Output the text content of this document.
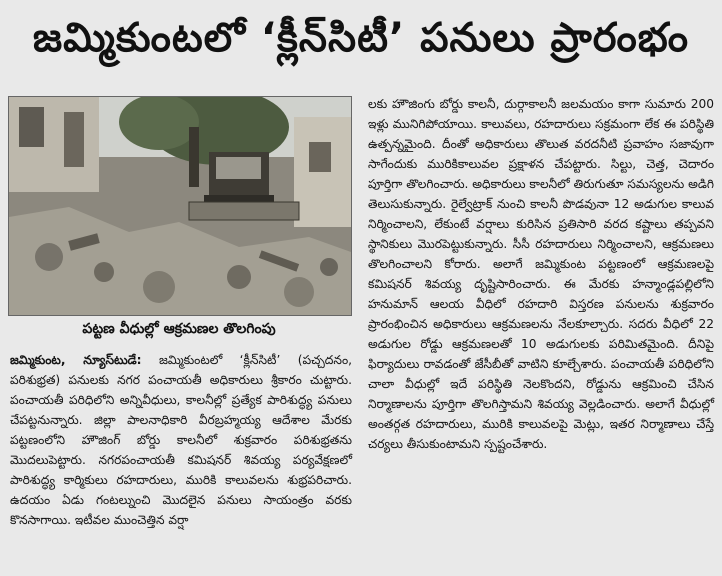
జమ్మికుంటలో ‘క్లీన్‌సిటీ’ పనులు ప్రారంభం
పట్టణ వీధుల్లో ఆక్రమణల తొలగింపు

జమ్మికుంట, న్యూస్‌టుడే: జమ్మికుంటలో ‘క్లీన్‌సిటీ’ (పచ్చదనం, పరిశుభ్రత) పనులకు నగర పంచాయతీ అధికారులు శ్రీకారం చుట్టారు. పంచాయతీ పరిధిలోని అన్నివీధులు, కాలనీల్లో ప్రత్యేక పారిశుద్ధ్య పనులు చేపట్టనున్నారు. జిల్లా పాలనాధికారి వీరబ్రహ్మయ్య ఆదేశాల మేరకు పట్టణంలోని హౌజింగ్ బోర్డు కాలనీలో శుక్రవారం పరిశుభ్రతను మొదలుపెట్టారు. నగరపంచాయతీ కమిషనర్ శివయ్య పర్యవేక్షణలో పారిశుద్ధ్య కార్మికులు రహదారులు, మురికి కాలువలను శుభ్రపరిచారు. ఉదయం ఏడు గంటల్నుంచి మొదలైన పనులు సాయంత్రం వరకు కొనసాగాయి. ఇటీవల ముంచెత్తిన వర్షా

లకు హౌజింగు బోర్డు కాలనీ, దుర్గాకాలనీ జలమయం కాగా సుమారు 200 ఇళ్లు మునిగిపోయాయి. కాలువలు, రహదారులు సక్రమంగా లేక ఈ పరిస్థితి ఉత్పన్నమైంది. దీంతో అధికారులు తొలుత వరదనీటి ప్రవాహం సజావుగా సాగేందుకు మురికికాలువల ప్రక్షాళన చేపట్టారు. సిల్టు, చెత్త, చెదారం పూర్తిగా తొలగించారు. అధికారులు కాలనీలో తిరుగుతూ సమస్యలను అడిగి తెలుసుకున్నారు. రైల్వేట్రాక్ నుంచి కాలనీ పొడవునా 12 అడుగుల కాలువ నిర్మించాలని, లేకుంటే వర్షాలు కురిసిన ప్రతిసారి వరద కష్టాలు తప్పవని స్థానికులు మొరపెట్టుకున్నారు. సీసీ రహదారులు నిర్మించాలని, ఆక్రమణలు తొలగించాలని కోరారు. అలాగే జమ్మికుంట పట్టణంలో ఆక్రమణలపై కమిషనర్ శివయ్య దృష్టిసారించారు. ఈ మేరకు హన్మాండ్లపల్లిలోని హనుమాన్ ఆలయ వీధిలో రహదారి విస్తరణ పనులను శుక్రవారం ప్రారంభించిన అధికారులు ఆక్రమణలను నేలకూల్చారు. సదరు వీధిలో 22 అడుగుల రోడ్డు ఆక్రమణలతో 10 అడుగులకు పరిమితమైంది. దీనిపై ఫిర్యాదులు రావడంతో జేసీబీతో వాటిని కూల్చేశారు. పంచాయతీ పరిధిలోని చాలా వీధుల్లో ఇదే పరిస్థితి నెలకొందని, రోడ్డును ఆక్రమించి చేసిన నిర్మాణాలను పూర్తిగా తొలగిస్తామని శివయ్య వెల్లడించారు. అలాగే వీధుల్లో అంతర్గత రహదారులు, మురికి కాలువలపై మెట్లు, ఇతర నిర్మాణాలు చేస్తే చర్యలు తీసుకుంటామని స్పష్టంచేశారు.
